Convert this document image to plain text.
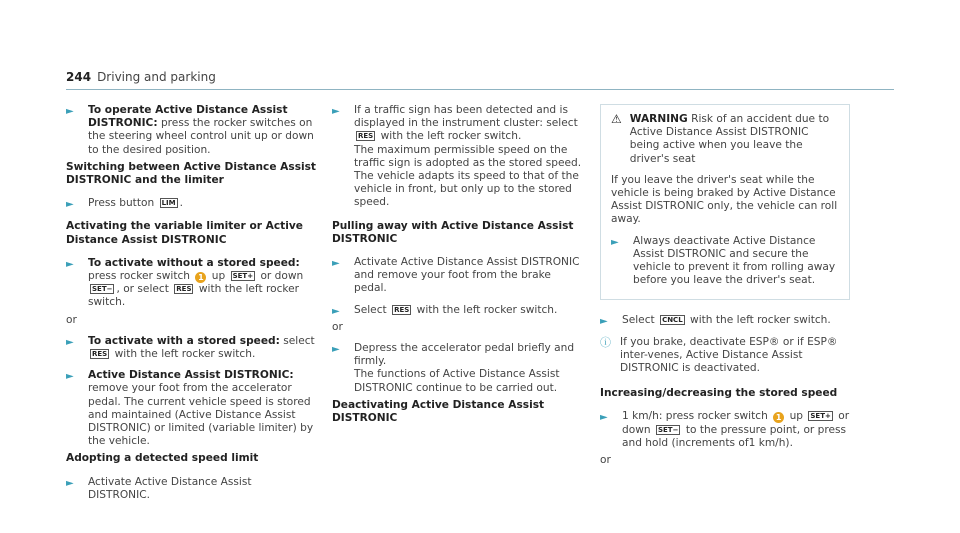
244 Driving and parking
► To operate Active Distance Assist DISTRONIC: press the rocker switches on the steering wheel control unit up or down to the desired position.
Switching between Active Distance Assist DISTRONIC and the limiter
► Press button LIM .
Activating the variable limiter or Active Distance Assist DISTRONIC
► To activate without a stored speed: press rocker switch 1 up SET+ or down SET− , or select RES with the left rocker switch.
or
► To activate with a stored speed: select RES with the left rocker switch.
► Active Distance Assist DISTRONIC: remove your foot from the accelerator pedal. The current vehicle speed is stored and maintained (Active Distance Assist DISTRONIC) or limited (variable limiter) by the vehicle.
Adopting a detected speed limit
► Activate Active Distance Assist DISTRONIC.
► If a traffic sign has been detected and is displayed in the instrument cluster: select RES with the left rocker switch.
The maximum permissible speed on the traffic sign is adopted as the stored speed. The vehicle adapts its speed to that of the vehicle in front, but only up to the stored speed.
Pulling away with Active Distance Assist DISTRONIC
► Activate Active Distance Assist DISTRONIC and remove your foot from the brake pedal.
► Select RES with the left rocker switch.
or
► Depress the accelerator pedal briefly and firmly.
The functions of Active Distance Assist DISTRONIC continue to be carried out.
Deactivating Active Distance Assist DISTRONIC
⚠ WARNING Risk of an accident due to Active Distance Assist DISTRONIC being active when you leave the driver's seat
If you leave the driver's seat while the vehicle is being braked by Active Distance Assist DISTRONIC only, the vehicle can roll away.
► Always deactivate Active Distance Assist DISTRONIC and secure the vehicle to prevent it from rolling away before you leave the driver's seat.
► Select CNCL with the left rocker switch.
ⓘ If you brake, deactivate ESP® or if ESP® inter-venes, Active Distance Assist DISTRONIC is deactivated.
Increasing/decreasing the stored speed
► 1 km/h: press rocker switch 1 up SET+ or down SET− to the pressure point, or press and hold (increments of1 km/h).
or
